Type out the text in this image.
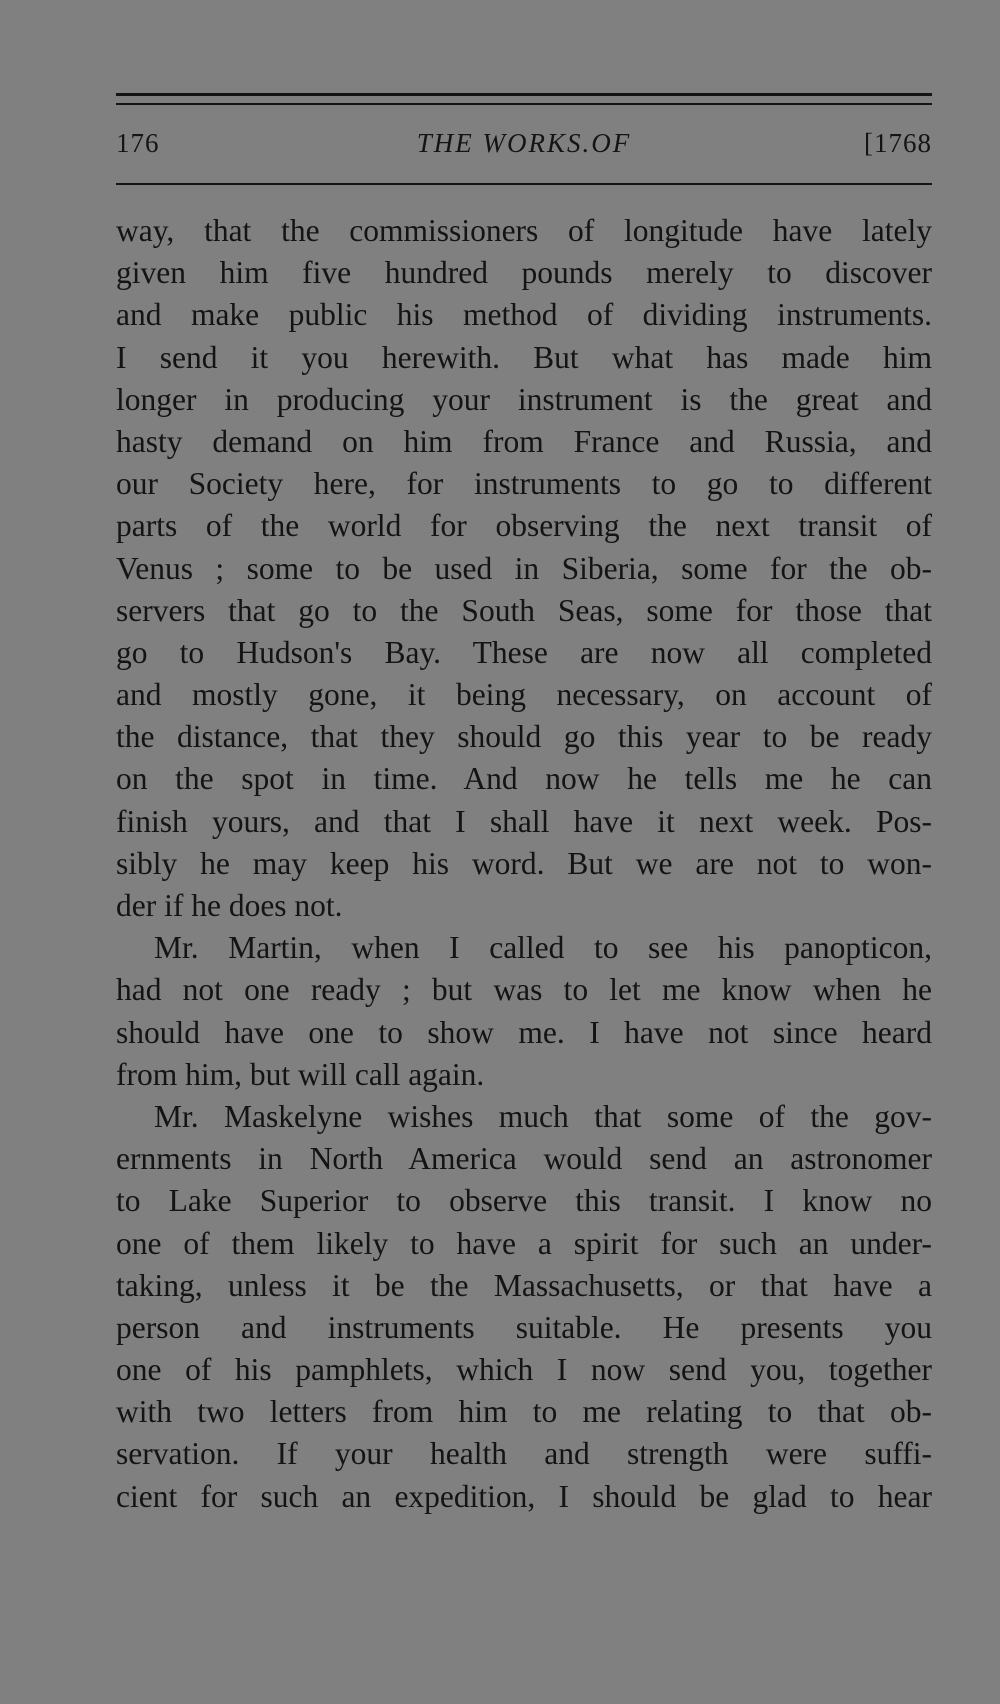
176	THE WORKS.OF	[1768
way, that the commissioners of longitude have lately
given him five hundred pounds merely to discover
and make public his method of dividing instruments.
I send it you herewith. But what has made him
longer in producing your instrument is the great and
hasty demand on him from France and Russia, and
our Society here, for instruments to go to different
parts of the world for observing the next transit of
Venus ; some to be used in Siberia, some for the ob-
servers that go to the South Seas, some for those that
go to Hudson's Bay. These are now all completed
and mostly gone, it being necessary, on account of
the distance, that they should go this year to be ready
on the spot in time. And now he tells me he can
finish yours, and that I shall have it next week. Pos-
sibly he may keep his word. But we are not to won-
der if he does not.
Mr. Martin, when I called to see his panopticon,
had not one ready ; but was to let me know when he
should have one to show me. I have not since heard
from him, but will call again.
Mr. Maskelyne wishes much that some of the gov-
ernments in North America would send an astronomer
to Lake Superior to observe this transit. I know no
one of them likely to have a spirit for such an under-
taking, unless it be the Massachusetts, or that have a
person and instruments suitable. He presents you
one of his pamphlets, which I now send you, together
with two letters from him to me relating to that ob-
servation. If your health and strength were suffi-
cient for such an expedition, I should be glad to hear
